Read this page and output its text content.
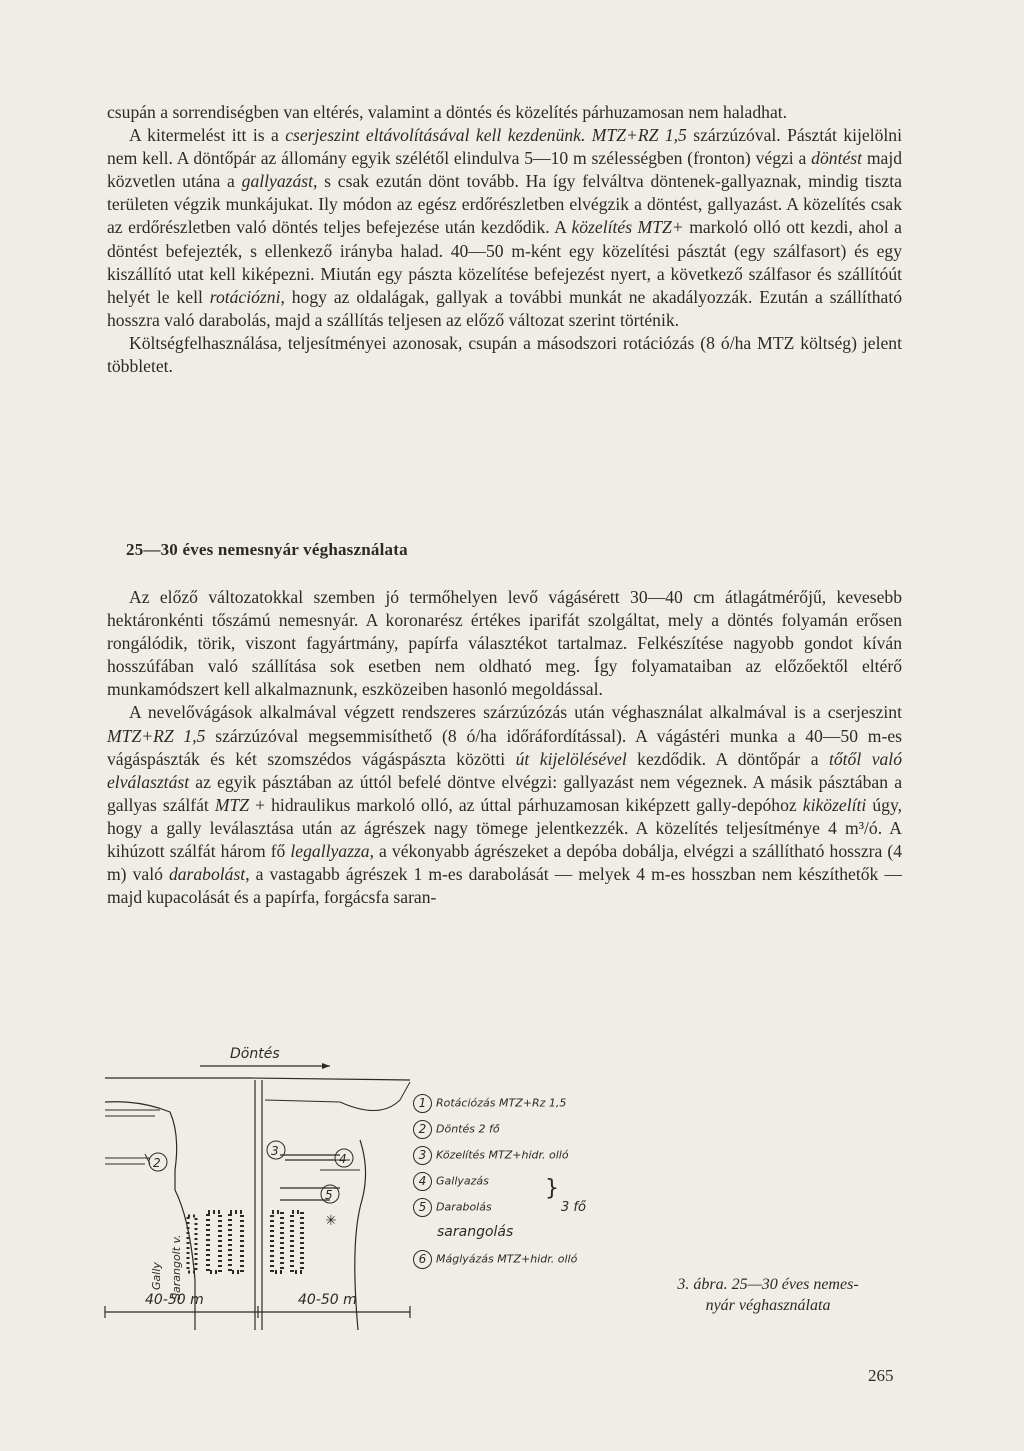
csupán a sorrendiségben van eltérés, valamint a döntés és közelítés párhuzamosan nem haladhat.

A kitermelést itt is a cserjeszint eltávolításával kell kezdenünk. MTZ+RZ 1,5 szárzúzóval. Pásztát kijelölni nem kell. A döntőpár az állomány egyik szélétől elindulva 5—10 m szélességben (fronton) végzi a döntést majd közvetlen utána a gallyazást, s csak ezután dönt tovább. Ha így felváltva döntenek-gallyaznak, mindig tiszta területen végzik munkájukat. Ily módon az egész erdőrészletben elvégzik a döntést, gallyazást. A közelítés csak az erdőrészletben való döntés teljes befejezése után kezdődik. A közelítés MTZ+ markoló olló ott kezdi, ahol a döntést befejezték, s ellenkező irányba halad. 40—50 m-ként egy közelítési pásztát (egy szálfasort) és egy kiszállító utat kell kiképezni. Miután egy pászta közelítése befejezést nyert, a következő szálfasor és szállítóút helyét le kell rotációzni, hogy az oldalágak, gallyak a további munkát ne akadályozzák. Ezután a szállítható hosszra való darabolás, majd a szállítás teljesen az előző változat szerint történik.

Költségfelhasználása, teljesítményei azonosak, csupán a másodszori rotációzás (8 ó/ha MTZ költség) jelent többletet.

25—30 éves nemesnyár véghasználata

Az előző változatokkal szemben jó termőhelyen levő vágásérett 30—40 cm átlagátmérőjű, kevesebb hektáronkénti tőszámú nemesnyár. A koronarész értékes iparifát szolgáltat, mely a döntés folyamán erősen rongálódik, törik, viszont fagyártmány, papírfa választékot tartalmaz. Felkészítése nagyobb gondot kíván hosszúfában való szállítása sok esetben nem oldható meg. Így folyamataiban az előzőektől eltérő munkamódszert kell alkalmaznunk, eszközeiben hasonló megoldással.

A nevelővágások alkalmával végzett rendszeres szárzúzózás után véghasználat alkalmával is a cserjeszint MTZ+RZ 1,5 szárzúzóval megsemmisíthető (8 ó/ha időráfordítással). A vágástéri munka a 40—50 m-es vágáspászták és két szomszédos vágáspászta közötti út kijelölésével kezdődik. A döntőpár a tőtől való elválasztást az egyik pásztában az úttól befelé döntve elvégzi: gallyazást nem végeznek. A másik pásztában a gallyas szálfát MTZ + hidraulikus markoló olló, az úttal párhuzamosan kiképzett gally-depóhoz kiközelíti úgy, hogy a gally leválasztása után az ágrészek nagy tömege jelentkezzék. A közelítés teljesítménye 4 m³/ó. A kihúzott szálfát három fő legallyazza, a vékonyabb ágrészeket a depóba dobálja, elvégzi a szállítható hosszra (4 m) való darabolást, a vastagabb ágrészek 1 m-es darabolását — melyek 4 m-es hosszban nem készíthetők — majd kupacolását és a papírfa, forgácsfa saran-

Döntés
✳
2
3
4
5
Gally Sarangolt v.
40-50 m	40-50 m
1 Rotációzás MTZ+Rz 1,5
2 Döntés 2 fő
3 Közelítés MTZ+hidr. olló
4 Gallyazás
5 Darabolás
sarangolás
}
3 fő
6 Máglyázás MTZ+hidr. olló
3. ábra. 25—30 éves nemes-
nyár véghasználata
265
